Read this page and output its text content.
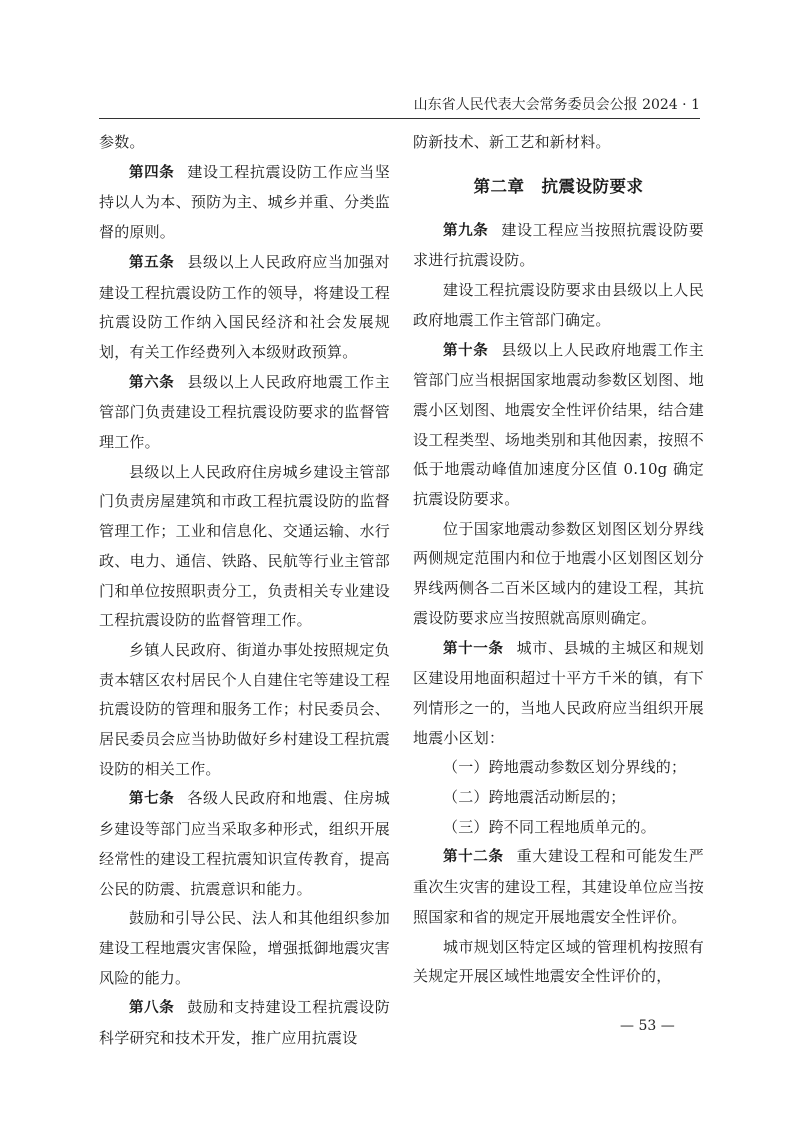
山东省人民代表大会常务委员会公报 2024 · 1

参数。

第四条 建设工程抗震设防工作应当坚持以人为本、预防为主、城乡并重、分类监督的原则。

第五条 县级以上人民政府应当加强对建设工程抗震设防工作的领导，将建设工程抗震设防工作纳入国民经济和社会发展规划，有关工作经费列入本级财政预算。

第六条 县级以上人民政府地震工作主管部门负责建设工程抗震设防要求的监督管理工作。

县级以上人民政府住房城乡建设主管部门负责房屋建筑和市政工程抗震设防的监督管理工作；工业和信息化、交通运输、水行政、电力、通信、铁路、民航等行业主管部门和单位按照职责分工，负责相关专业建设工程抗震设防的监督管理工作。

乡镇人民政府、街道办事处按照规定负责本辖区农村居民个人自建住宅等建设工程抗震设防的管理和服务工作；村民委员会、居民委员会应当协助做好乡村建设工程抗震设防的相关工作。

第七条 各级人民政府和地震、住房城乡建设等部门应当采取多种形式，组织开展经常性的建设工程抗震知识宣传教育，提高公民的防震、抗震意识和能力。

鼓励和引导公民、法人和其他组织参加建设工程地震灾害保险，增强抵御地震灾害风险的能力。

第八条 鼓励和支持建设工程抗震设防科学研究和技术开发，推广应用抗震设

防新技术、新工艺和新材料。

第二章　抗震设防要求

第九条 建设工程应当按照抗震设防要求进行抗震设防。

建设工程抗震设防要求由县级以上人民政府地震工作主管部门确定。

第十条 县级以上人民政府地震工作主管部门应当根据国家地震动参数区划图、地震小区划图、地震安全性评价结果，结合建设工程类型、场地类别和其他因素，按照不低于地震动峰值加速度分区值 0.10g 确定抗震设防要求。

位于国家地震动参数区划图区划分界线两侧规定范围内和位于地震小区划图区划分界线两侧各二百米区域内的建设工程，其抗震设防要求应当按照就高原则确定。

第十一条 城市、县城的主城区和规划区建设用地面积超过十平方千米的镇，有下列情形之一的，当地人民政府应当组织开展地震小区划：

（一）跨地震动参数区划分界线的；

（二）跨地震活动断层的；

（三）跨不同工程地质单元的。

第十二条 重大建设工程和可能发生严重次生灾害的建设工程，其建设单位应当按照国家和省的规定开展地震安全性评价。

城市规划区特定区域的管理机构按照有关规定开展区域性地震安全性评价的，

— 53 —
